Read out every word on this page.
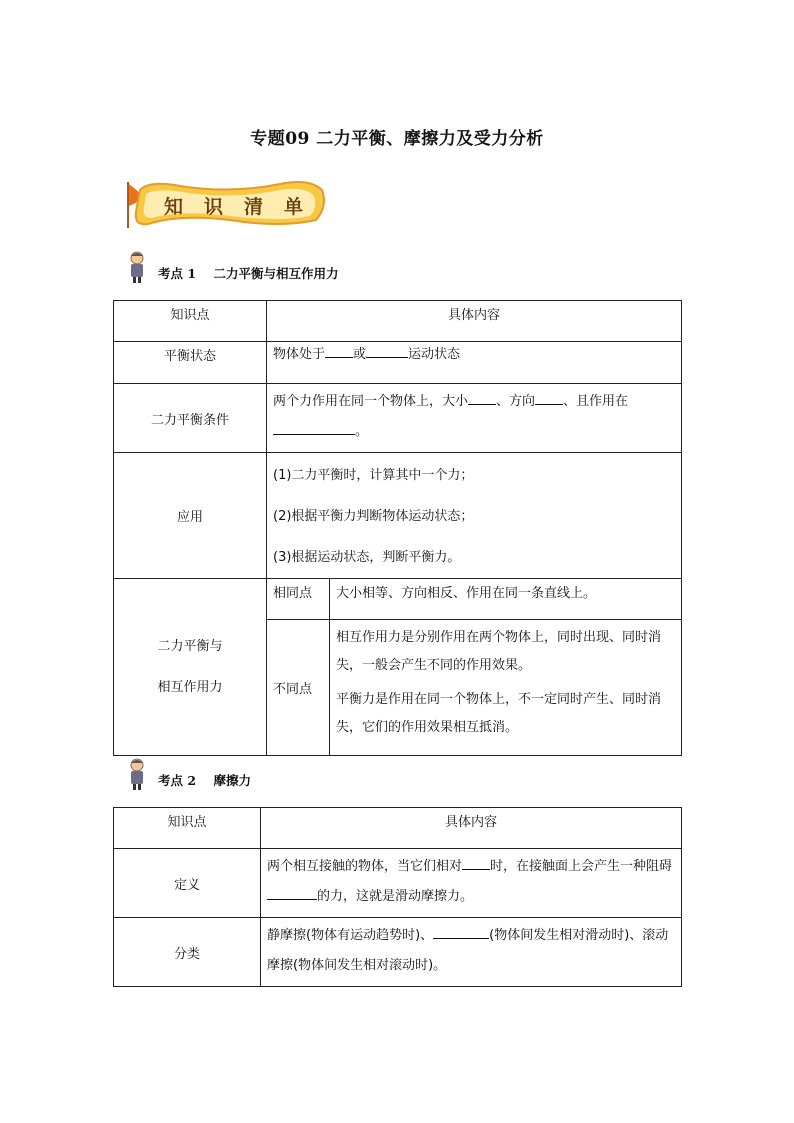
专题09 二力平衡、摩擦力及受力分析
知 识 清 单
考点 1 二力平衡与相互作用力
知识点	具体内容	
平衡状态	物体处于 或 运动状态	
二力平衡条件	两个力作用在同一个物体上，大小 、方向 、且作用在
。	
应用	(1)二力平衡时，计算其中一个力；
(2)根据平衡力判断物体运动状态；
(3)根据运动状态，判断平衡力。	

二力平衡与
相互作用力	相同点	大小相等、方向相反、作用在同一条直线上。
	不同点	相互作用力是分别作用在两个物体上，同时出现、同时消失，一般会产生不同的作用效果。

平衡力是作用在同一个物体上，不一定同时产生、同时消失，它们的作用效果相互抵消。

考点 2 摩擦力
知识点	具体内容
定义	两个相互接触的物体，当它们相对 时，在接触面上会产生一种阻碍的力，这就是滑动摩擦力。
分类	静摩擦(物体有运动趋势时)、 (物体间发生相对滑动时)、滚动摩擦(物体间发生相对滚动时)。
